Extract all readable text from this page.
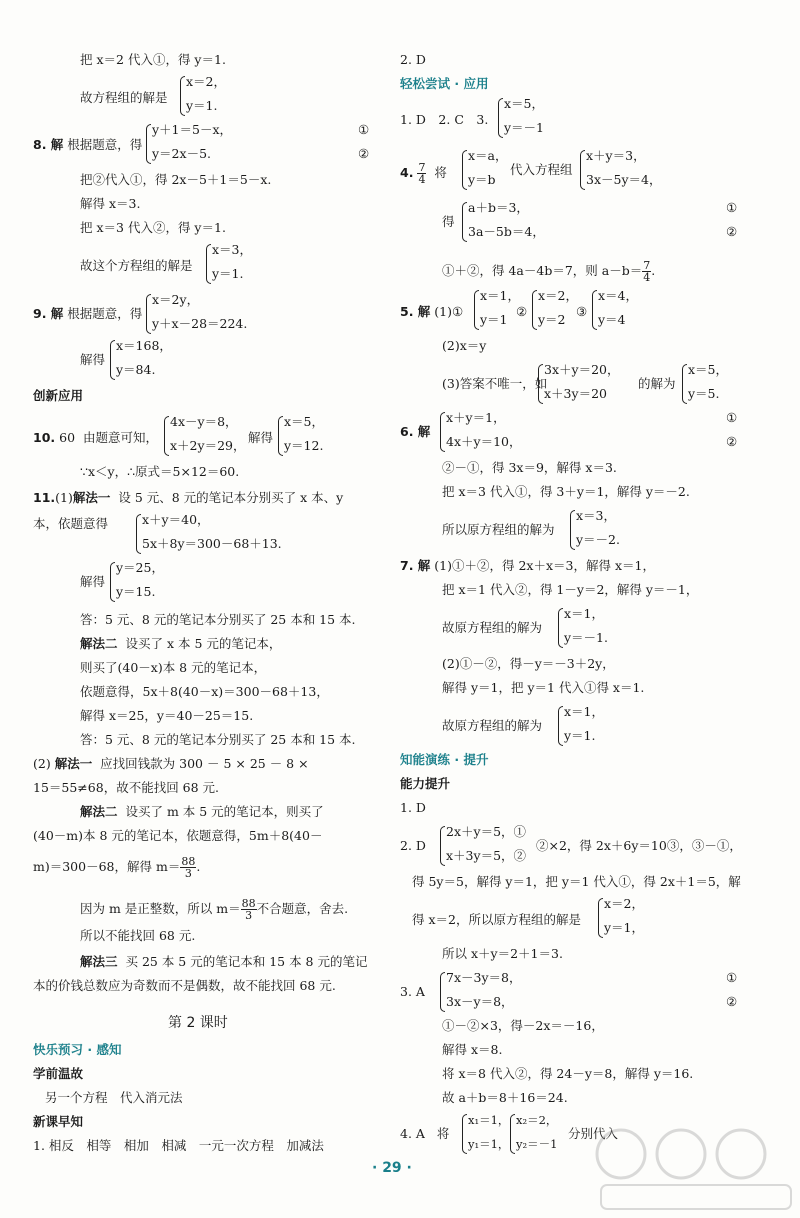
把 x＝2 代入①，得 y＝1.
故方程组的解是
x＝2，
y＝1.
8. 解 根据题意，得
y＋1＝5－x，
y＝2x－5.
①
②
把②代入①，得 2x－5＋1＝5－x.
解得 x＝3.
把 x＝3 代入②，得 y＝1.
故这个方程组的解是
x＝3，
y＝1.
9. 解 根据题意，得
x＝2y，
y＋x－28＝224.
解得
x＝168，
y＝84.
创新应用
10. 60 由题意可知，
4x－y＝8，
x＋2y＝29，
解得
x＝5，
y＝12.
∵x＜y，∴原式＝5×12＝60.
11.(1)解法一 设 5 元、8 元的笔记本分别买了 x 本、y
本，依题意得	x＋y＝40，
5x＋8y＝300－68＋13.
解得
y＝25，
y＝15.
答：5 元、8 元的笔记本分别买了 25 本和 15 本.
解法二 设买了 x 本 5 元的笔记本，
则买了(40－x)本 8 元的笔记本，
依题意得，5x＋8(40－x)＝300－68＋13，
解得 x＝25，y＝40－25＝15.
答：5 元、8 元的笔记本分别买了 25 本和 15 本.
(2) 解法一 应找回钱款为 300 － 5 × 25 － 8 ×
15＝55≠68，故不能找回 68 元.
解法二 设买了 m 本 5 元的笔记本，则买了
(40－m)本 8 元的笔记本，依题意得，5m＋8(40－
m)＝300－68，解得 $m= \frac{88}{3}$ .
因为 m 是正整数，所以 $m= \frac{88}{3}$ 不合题意，舍去.
所以不能找回 68 元.
解法三 买 25 本 5 元的笔记本和 15 本 8 元的笔记
本的价钱总数应为奇数而不是偶数，故不能找回 68 元.
第 2 课时
快乐预习 · 感知
学前温故
另一个方程　代入消元法
新课早知
1. 相反　相等　相加　相减　一元一次方程　加减法
2. D
轻松尝试 · 应用
1. D　2. C　3.
x＝5，
y＝－1
4. $\frac{7}{4}$ 将
x＝a，
y＝b
代入方程组
x＋y＝3，
3x－5y＝4，
得
a＋b＝3，
3a－5b＝4，
①
②
①＋②，得 4a－4b＝7，则 $a-b= \frac{7}{4}$ .
5. 解 (1)①
x＝1，
y＝1
②
x＝2，
y＝2
③
x＝4，
y＝4
(2)x＝y
(3)答案不唯一，如
3x＋y＝20，
x＋3y＝20
的解为
x＝5，
y＝5.
6. 解
x＋y＝1，
4x＋y＝10，
①
②
②－①，得 3x＝9，解得 x＝3.
把 x＝3 代入①，得 3＋y＝1，解得 y＝－2.
所以原方程组的解为
x＝3，
y＝－2.
7. 解 (1)①＋②，得 2x＋x＝3，解得 x＝1，
把 x＝1 代入②，得 1－y＝2，解得 y＝－1，
故原方程组的解为
x＝1，
y＝－1.
(2)①－②，得－y＝－3＋2y，
解得 y＝1，把 y＝1 代入①得 x＝1.
故原方程组的解为
x＝1，
y＝1.
知能演练 · 提升
能力提升
1. D
2. D
2x＋y＝5，①
x＋3y＝5，②
②×2，得 2x＋6y＝10③，③－①，
得 5y＝5，解得 y＝1，把 y＝1 代入①，得 2x＋1＝5，解
得 x＝2，所以原方程组的解是
x＝2，
y＝1，
所以 x＋y＝2＋1＝3.
3. A
7x－3y＝8，
3x－y＝8，
①
②
①－②×3，得－2x＝－16，
解得 x＝8.
将 x＝8 代入②，得 24－y＝8，解得 y＝16.
故 a＋b＝8＋16＝24.
4. A 将
x₁＝1，
y₁＝1，
x₂＝2，
y₂＝－1
分别代入
· 29 ·
